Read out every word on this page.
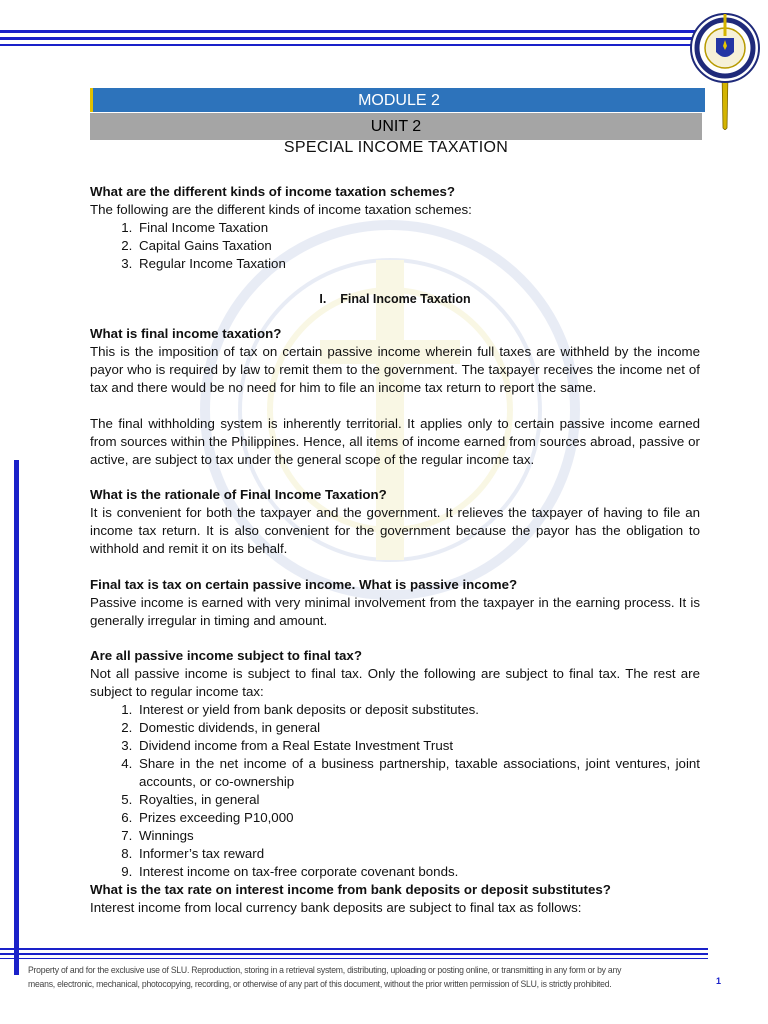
MODULE 2
UNIT 2
SPECIAL INCOME TAXATION

What are the different kinds of income taxation schemes?

The following are the different kinds of income taxation schemes:

1. Final Income Taxation
2. Capital Gains Taxation
3. Regular Income Taxation

I. Final Income Taxation

What is final income taxation?

This is the imposition of tax on certain passive income wherein full taxes are withheld by the income payor who is required by law to remit them to the government. The taxpayer receives the income net of tax and there would be no need for him to file an income tax return to report the same.

The final withholding system is inherently territorial. It applies only to certain passive income earned from sources within the Philippines. Hence, all items of income earned from sources abroad, passive or active, are subject to tax under the general scope of the regular income tax.

What is the rationale of Final Income Taxation?

It is convenient for both the taxpayer and the government. It relieves the taxpayer of having to file an income tax return. It is also convenient for the government because the payor has the obligation to withhold and remit it on its behalf.

Final tax is tax on certain passive income. What is passive income?

Passive income is earned with very minimal involvement from the taxpayer in the earning process. It is generally irregular in timing and amount.

Are all passive income subject to final tax?

Not all passive income is subject to final tax. Only the following are subject to final tax. The rest are subject to regular income tax:

1. Interest or yield from bank deposits or deposit substitutes.
2. Domestic dividends, in general
3. Dividend income from a Real Estate Investment Trust
4. Share in the net income of a business partnership, taxable associations, joint ventures, joint accounts, or co-ownership
5. Royalties, in general
6. Prizes exceeding P10,000
7. Winnings
8. Informer’s tax reward
9. Interest income on tax-free corporate covenant bonds.

What is the tax rate on interest income from bank deposits or deposit substitutes?

Interest income from local currency bank deposits are subject to final tax as follows:

Property of and for the exclusive use of SLU. Reproduction, storing in a retrieval system, distributing, uploading or posting online, or transmitting in any form or by any
means, electronic, mechanical, photocopying, recording, or otherwise of any part of this document, without the prior written permission of SLU, is strictly prohibited.	1
